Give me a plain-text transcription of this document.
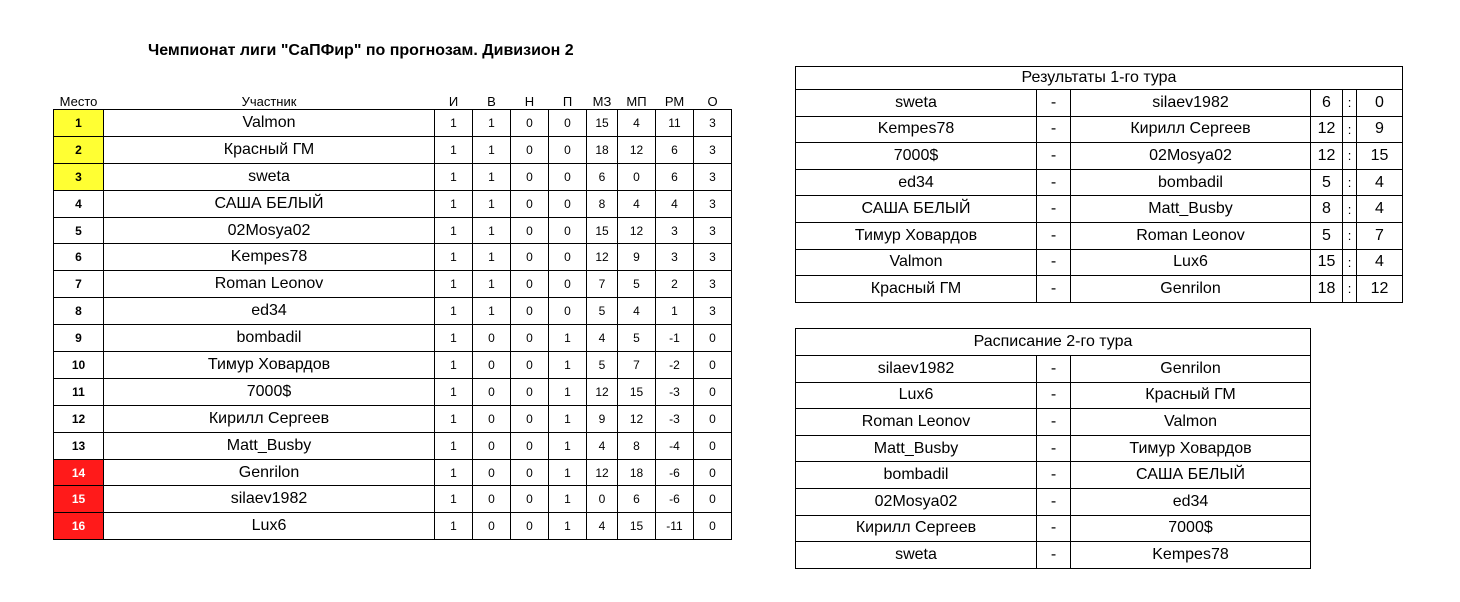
Чемпионат лиги "СаПФир" по прогнозам. Дивизион 2
Место	Участник	И	В	Н	П	МЗ	МП	РМ	О
1	Valmon	1	1	0	0	15	4	11	3
2	Красный ГМ	1	1	0	0	18	12	6	3
3	sweta	1	1	0	0	6	0	6	3
4	САША БЕЛЫЙ	1	1	0	0	8	4	4	3
5	02Mosya02	1	1	0	0	15	12	3	3
6	Kempes78	1	1	0	0	12	9	3	3
7	Roman Leonov	1	1	0	0	7	5	2	3
8	ed34	1	1	0	0	5	4	1	3
9	bombadil	1	0	0	1	4	5	-1	0
10	Тимур Ховардов	1	0	0	1	5	7	-2	0
11	7000$	1	0	0	1	12	15	-3	0
12	Кирилл Сергеев	1	0	0	1	9	12	-3	0
13	Matt_Busby	1	0	0	1	4	8	-4	0
14	Genrilon	1	0	0	1	12	18	-6	0
15	silaev1982	1	0	0	1	0	6	-6	0
16	Lux6	1	0	0	1	4	15	-11	0
Результаты 1-го тура					
sweta	-	silaev1982	6	:	0
Kempes78	-	Кирилл Сергеев	12	:	9
7000$	-	02Mosya02	12	:	15
ed34	-	bombadil	5	:	4
САША БЕЛЫЙ	-	Matt_Busby	8	:	4
Тимур Ховардов	-	Roman Leonov	5	:	7
Valmon	-	Lux6	15	:	4
Красный ГМ	-	Genrilon	18	:	12
Расписание 2-го тура		
silaev1982	-	Genrilon
Lux6	-	Красный ГМ
Roman Leonov	-	Valmon
Matt_Busby	-	Тимур Ховардов
bombadil	-	САША БЕЛЫЙ
02Mosya02	-	ed34
Кирилл Сергеев	-	7000$
sweta	-	Kempes78
